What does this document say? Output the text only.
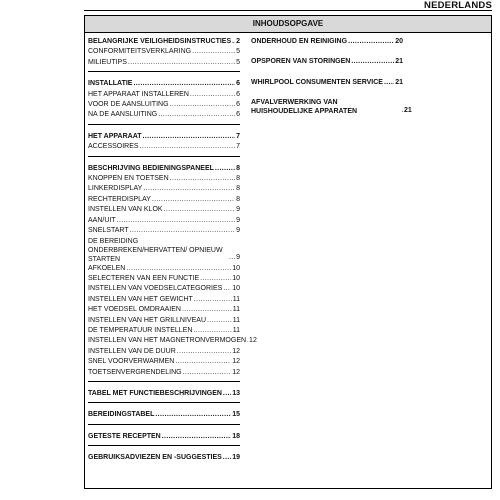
NEDERLANDS
INHOUDSOPGAVE
BELANGRIJKE VEILIGHEIDSINSTRUCTIES . . . 2
CONFORMITEITSVERKLARING . . .	5
MILIEUTIPS . . .	5
INSTALLATIE . . .	6
HET APPARAAT INSTALLEREN . . .	6
VOOR DE AANSLUITING . . .	6
NA DE AANSLUITING . . .	6
HET APPARAAT . . .	7
ACCESSOIRES . . .	7
BESCHRIJVING BEDIENINGSPANEEL . . .	8
KNOPPEN EN TOETSEN . . .	8
LINKERDISPLAY . . .	8
RECHTERDISPLAY . . .	8
INSTELLEN VAN KLOK . . .	9
AAN/UIT . . .	9
SNELSTART . . .	9
DE BEREIDING ONDERBREKEN/HERVATTEN/ OPNIEUW STARTEN . . .	9
AFKOELEN . . .	10
SELECTEREN VAN EEN FUNCTIE . . .	10
INSTELLEN VAN VOEDSELCATEGORIES . . . 10
INSTELLEN VAN HET GEWICHT . . .	11
HET VOEDSEL OMDRAAIEN . . .	11
INSTELLEN VAN HET GRILLNIVEAU . . .	11
DE TEMPERATUUR INSTELLEN . . .	11
INSTELLEN VAN HET MAGNETRONVERMOGEN . . . 12
INSTELLEN VAN DE DUUR . . .	12
SNEL VOORVERWARMEN . . .	12
TOETSENVERGRENDELING . . .	12
TABEL MET FUNCTIEBESCHRIJVINGEN . . . 13
BEREIDINGSTABEL . . .	15
GETESTE RECEPTEN . . .	18
GEBRUIKSADVIEZEN EN -SUGGESTIES . . . 19
ONDERHOUD EN REINIGING . . .	20
OPSPOREN VAN STORINGEN . . .	21
WHIRLPOOL CONSUMENTEN SERVICE . . . 21
AFVALVERWERKING VAN HUISHOUDELIJKE APPARATEN . . .	21
